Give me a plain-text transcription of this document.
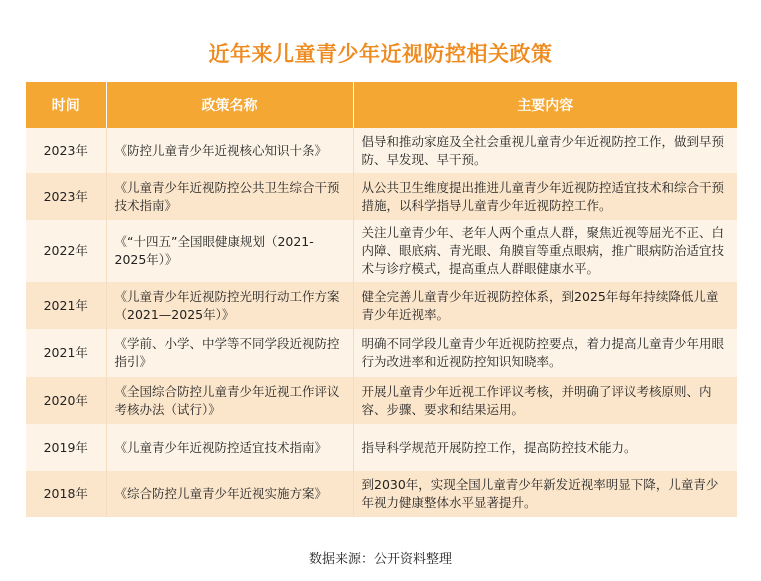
近年来儿童青少年近视防控相关政策
时间	政策名称	主要内容
2023年	《防控儿童青少年近视核心知识十条》	倡导和推动家庭及全社会重视儿童青少年近视防控工作，做到早预防、早发现、早干预。
2023年	《儿童青少年近视防控公共卫生综合干预技术指南》	从公共卫生维度提出推进儿童青少年近视防控适宜技术和综合干预措施，以科学指导儿童青少年近视防控工作。
2022年	《“十四五”全国眼健康规划（2021-2025年）》	关注儿童青少年、老年人两个重点人群，聚焦近视等屈光不正、白内障、眼底病、青光眼、角膜盲等重点眼病，推广眼病防治适宜技术与诊疗模式，提高重点人群眼健康水平。
2021年	《儿童青少年近视防控光明行动工作方案（2021—2025年）》	健全完善儿童青少年近视防控体系，到2025年每年持续降低儿童青少年近视率。
2021年	《学前、小学、中学等不同学段近视防控指引》	明确不同学段儿童青少年近视防控要点，着力提高儿童青少年用眼行为改进率和近视防控知识知晓率。
2020年	《全国综合防控儿童青少年近视工作评议考核办法（试行）》	开展儿童青少年近视工作评议考核，并明确了评议考核原则、内容、步骤、要求和结果运用。
2019年	《儿童青少年近视防控适宜技术指南》	指导科学规范开展防控工作，提高防控技术能力。
2018年	《综合防控儿童青少年近视实施方案》	到2030年，实现全国儿童青少年新发近视率明显下降，儿童青少年视力健康整体水平显著提升。
数据来源：公开资料整理
